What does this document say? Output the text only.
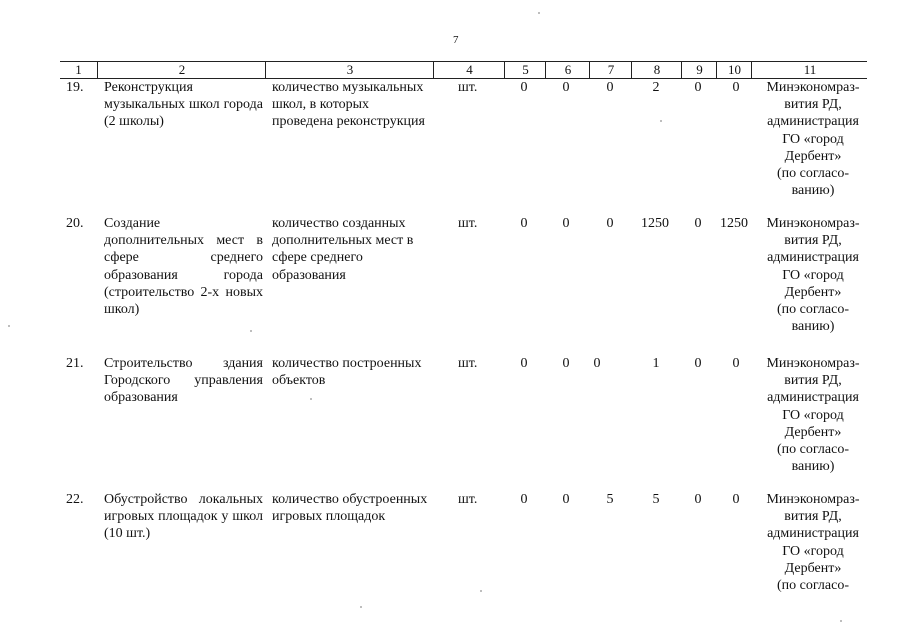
7
1	2	3	4	5	6	7	8	9	10	11
19. Реконструкция музыкальных школ города (2 школы)
количество музыкальных школ, в которых проведена реконструкция
шт.	0	0	0	2	0	0	Минэкономраз-
вития РД,
администрация
ГО «город
Дербент»
(по согласо-
ванию)
20. Создание дополнительных мест в сфере среднего образования города (строительство 2-х новых школ)
количество созданных дополнительных мест в сфере среднего образования
шт.	0	0	0	1250	0	1250	Минэкономраз-
вития РД,
администрация
ГО «город
Дербент»
(по согласо-
ванию)
21. Строительство здания Городского управления образования
количество построенных объектов
шт.	0	0	0	1	0	0	Минэкономраз-
вития РД,
администрация
ГО «город
Дербент»
(по согласо-
ванию)
22. Обустройство локальных игровых площадок у школ (10 шт.)
количество обустроенных игровых площадок
шт.	0	0	5	5	0	0	Минэкономраз-
вития РД,
администрация
ГО «город
Дербент»
(по согласо-
